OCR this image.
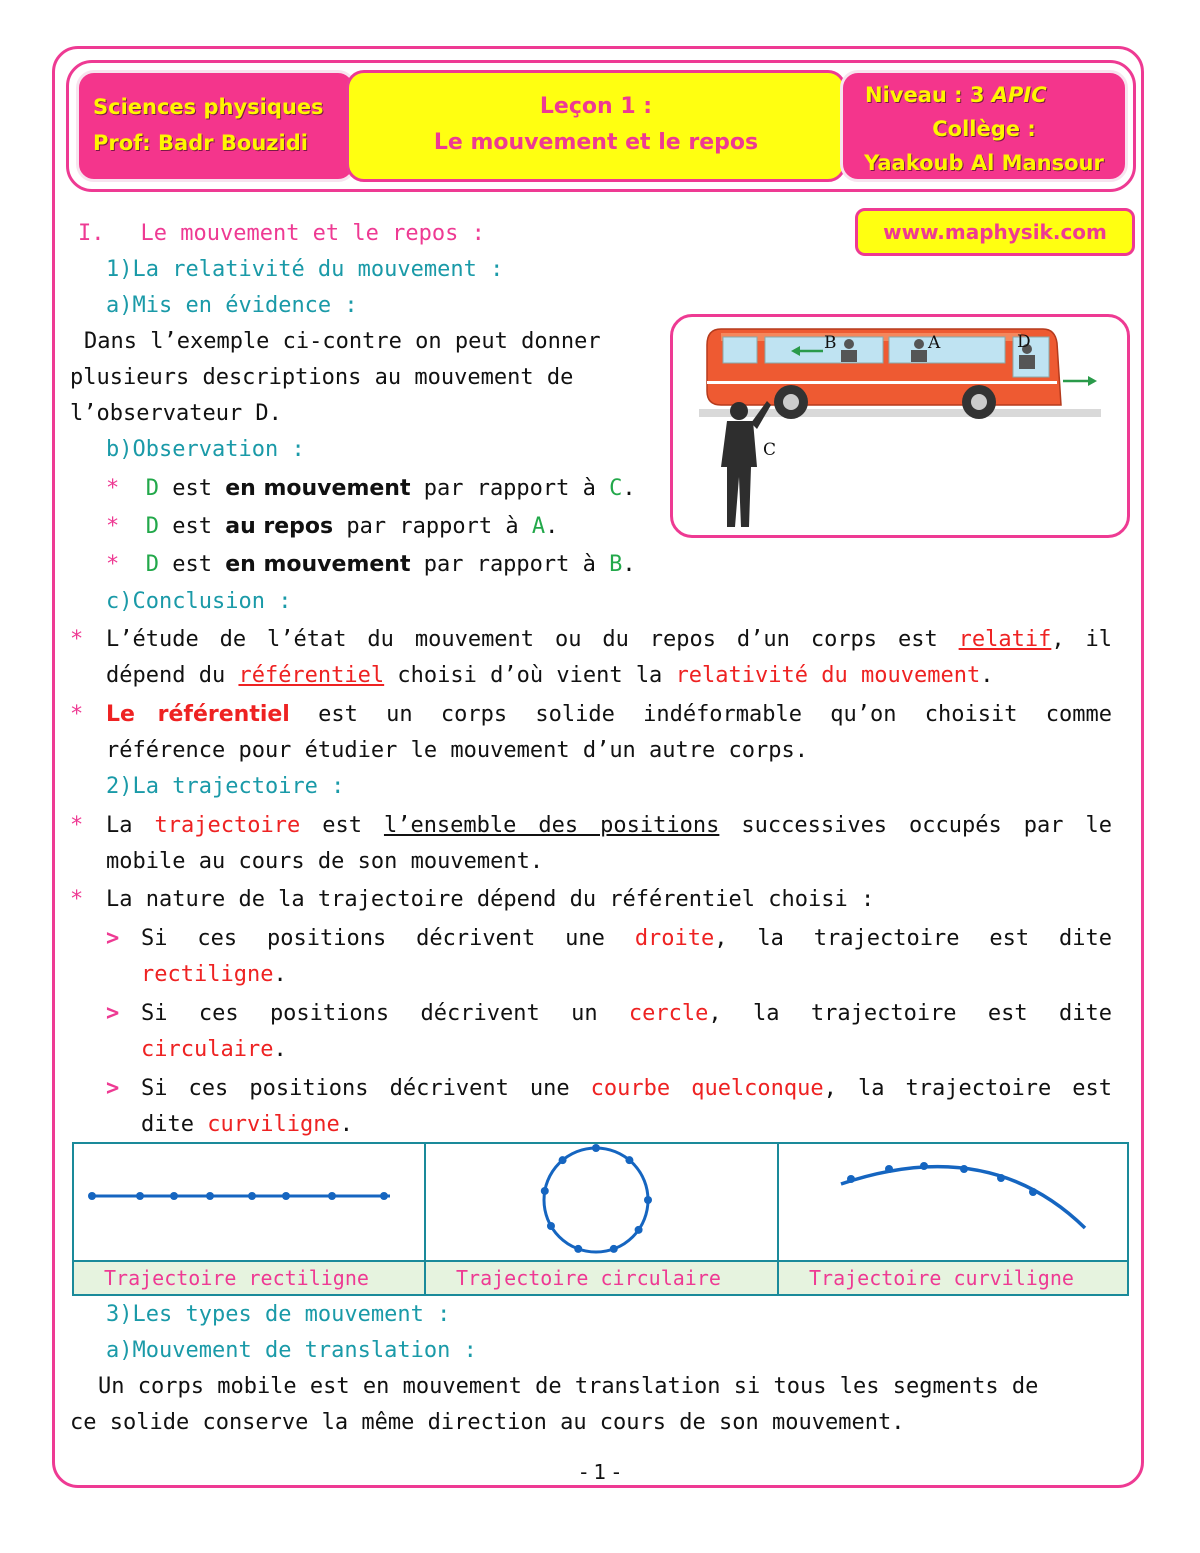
Sciences physiques
Prof: Badr Bouzidi
Leçon 1 :
Le mouvement et le repos
Niveau : 3 APIC
Collège :
Yaakoub Al Mansour
www.maphysik.com
I. Le mouvement et le repos :
1)La relativité du mouvement :
a)Mis en évidence :
Dans l’exemple ci-contre on peut donner
plusieurs descriptions au mouvement de
l’observateur D.
b)Observation :
* D est en mouvement par rapport à C.
* D est au repos par rapport à A.
* D est en mouvement par rapport à B.
c)Conclusion :
* L’étude de l’état du mouvement ou du repos d’un corps est relatif, il
dépend du référentiel choisi d’où vient la relativité du mouvement.
* Le référentiel est un corps solide indéformable qu’on choisit comme
référence pour étudier le mouvement d’un autre corps.
2)La trajectoire :
* La trajectoire est l’ensemble des positions successives occupés par le
mobile au cours de son mouvement.
* La nature de la trajectoire dépend du référentiel choisi :
> Si ces positions décrivent une droite, la trajectoire est dite
rectiligne.
> Si ces positions décrivent un cercle, la trajectoire est dite
circulaire.
> Si ces positions décrivent une courbe quelconque, la trajectoire est
dite curviligne.
B	A	D
C
Trajectoire rectiligne	Trajectoire circulaire	Trajectoire curviligne
3)Les types de mouvement :
a)Mouvement de translation :
Un corps mobile est en mouvement de translation si tous les segments de
ce solide conserve la même direction au cours de son mouvement.
- 1 -
